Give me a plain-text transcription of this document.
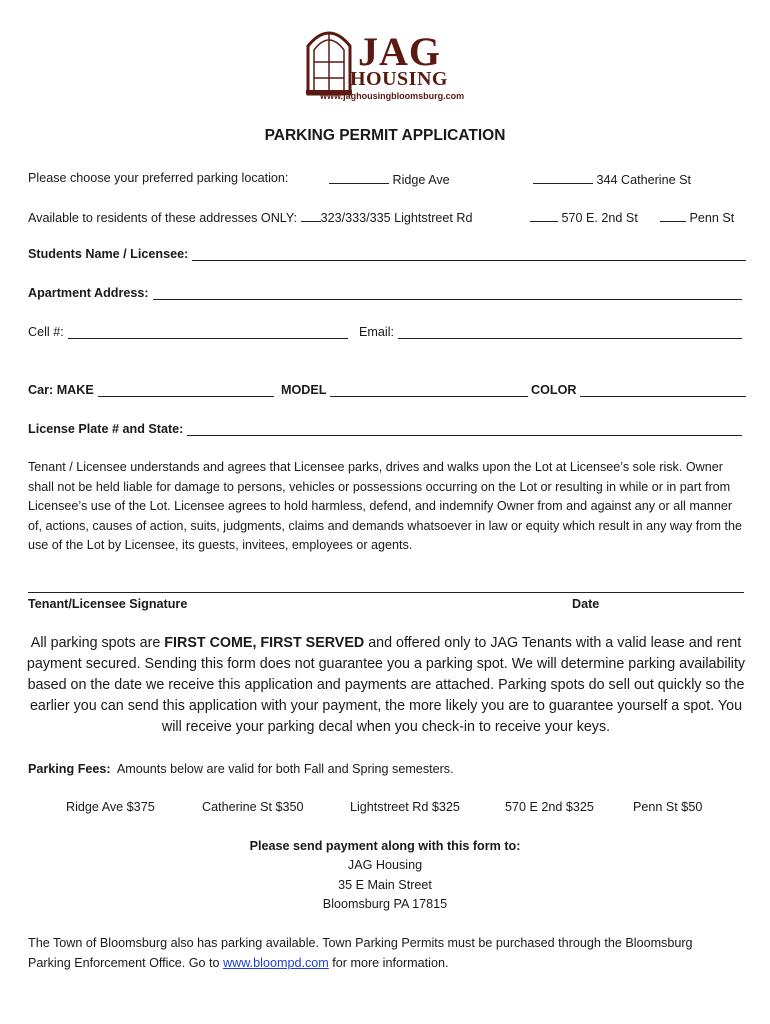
JAG
HOUSING
www.jaghousingbloomsburg.com
PARKING PERMIT APPLICATION
Please choose your preferred parking location:	Ridge Ave	344 Catherine St
Available to residents of these addresses ONLY: 323/333/335 Lightstreet Rd	570 E. 2nd St	Penn St
Students Name / Licensee:
Apartment Address:
Cell #:	Email:
Car: MAKE	MODEL	COLOR
License Plate # and State:
Tenant / Licensee understands and agrees that Licensee parks, drives and walks upon the Lot at Licensee’s sole risk. Owner shall not be held liable for damage to persons, vehicles or possessions occurring on the Lot or resulting in while or in part from Licensee’s use of the Lot. Licensee agrees to hold harmless, defend, and indemnify Owner from and against any or all manner of, actions, causes of action, suits, judgments, claims and demands whatsoever in law or equity which result in any way from the use of the Lot by Licensee, its guests, invitees, employees or agents.
Tenant/Licensee Signature	Date
All parking spots are FIRST COME, FIRST SERVED and offered only to JAG Tenants with a valid lease and rent payment secured. Sending this form does not guarantee you a parking spot. We will determine parking availability based on the date we receive this application and payments are attached. Parking spots do sell out quickly so the earlier you can send this application with your payment, the more likely you are to guarantee yourself a spot. You will receive your parking decal when you check-in to receive your keys.
Parking Fees: Amounts below are valid for both Fall and Spring semesters.
Ridge Ave $375	Catherine St $350	Lightstreet Rd $325	570 E 2nd $325	Penn St $50
Please send payment along with this form to:
JAG Housing
35 E Main Street
Bloomsburg PA 17815
The Town of Bloomsburg also has parking available. Town Parking Permits must be purchased through the Bloomsburg Parking Enforcement Office. Go to www.bloompd.com for more information.
